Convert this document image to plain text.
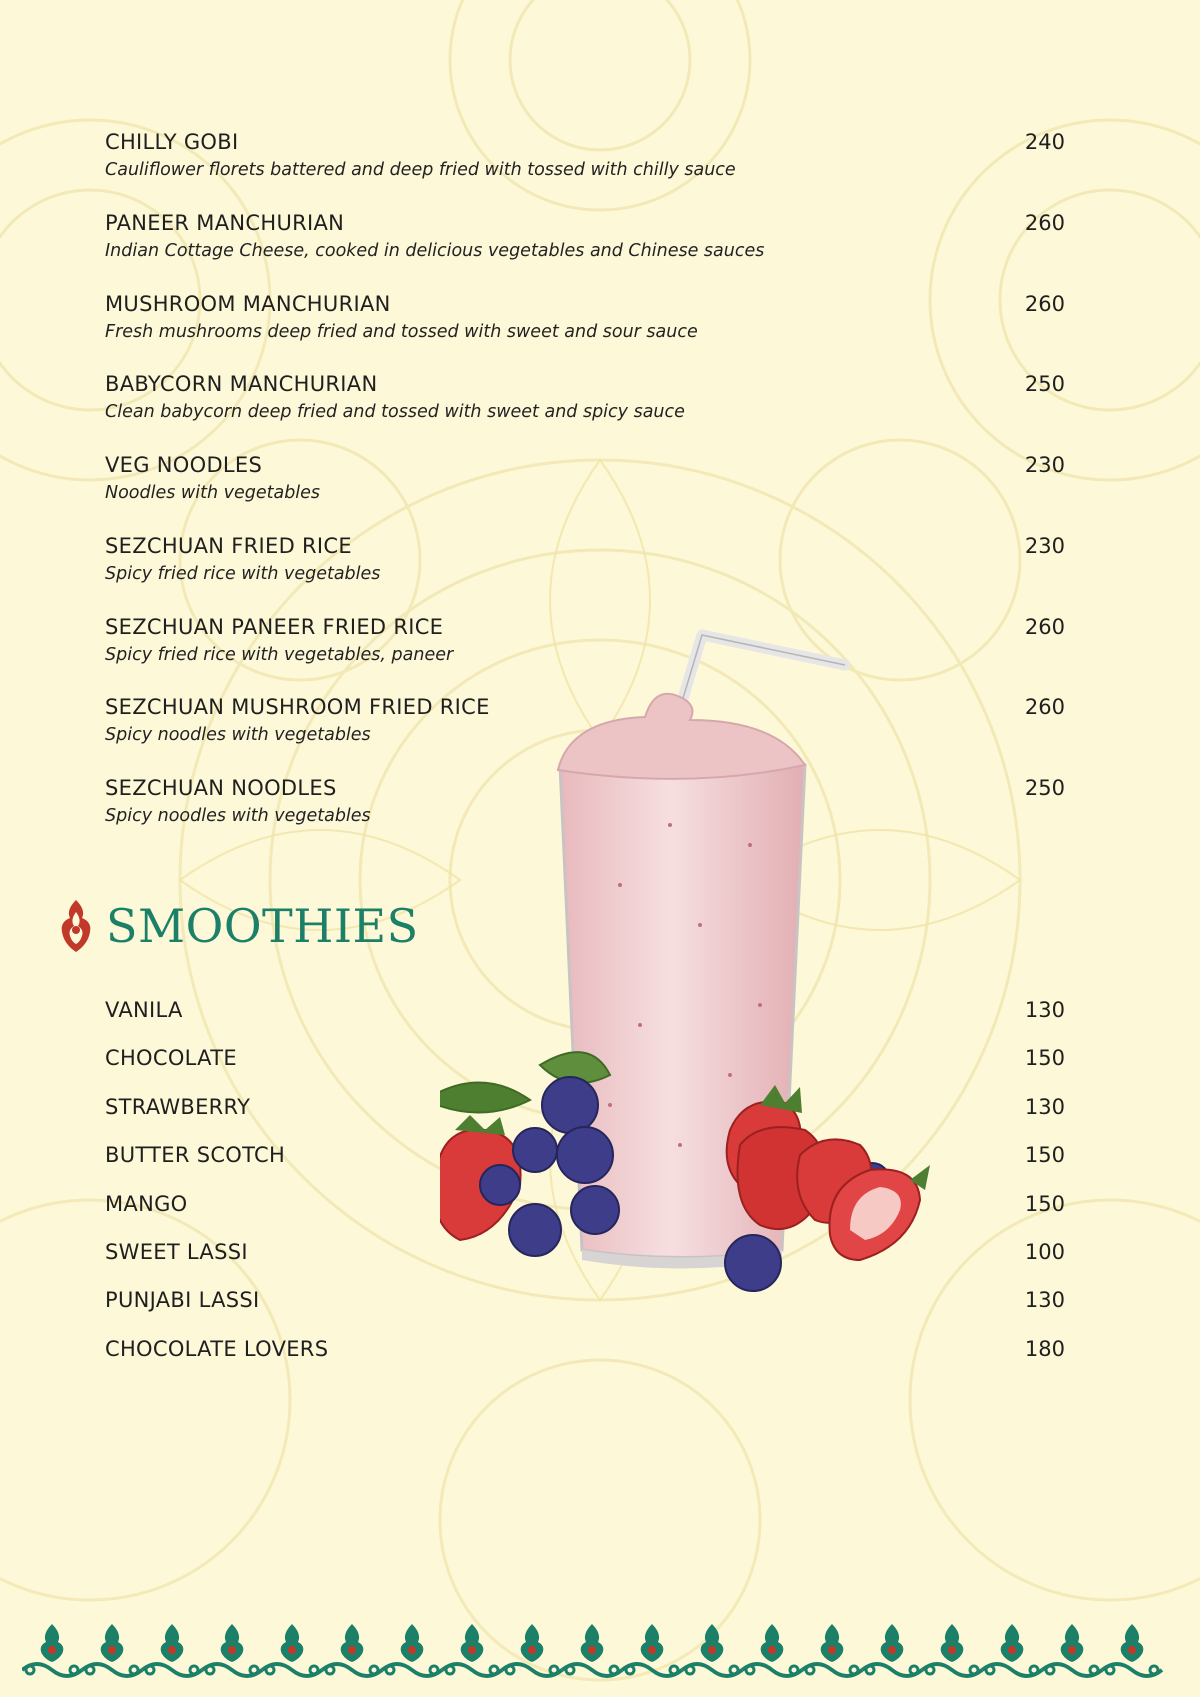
CHILLY GOBI
Cauliflower florets battered and deep fried with tossed with chilly sauce
240
PANEER MANCHURIAN
Indian Cottage Cheese, cooked in delicious vegetables and Chinese sauces
260
MUSHROOM MANCHURIAN
Fresh mushrooms deep fried and tossed with sweet and sour sauce
260
BABYCORN MANCHURIAN
Clean babycorn deep fried and tossed with sweet and spicy sauce
250
VEG NOODLES
Noodles with vegetables
230
SEZCHUAN FRIED RICE
Spicy fried rice with vegetables
230
SEZCHUAN PANEER FRIED RICE
Spicy fried rice with vegetables, paneer
260
SEZCHUAN MUSHROOM FRIED RICE
Spicy noodles with vegetables
260
SEZCHUAN NOODLES
Spicy noodles with vegetables
250
SMOOTHIES
VANILA	130
CHOCOLATE	150
STRAWBERRY	130
BUTTER SCOTCH	150
MANGO	150
SWEET LASSI	100
PUNJABI LASSI	130
CHOCOLATE LOVERS	180
